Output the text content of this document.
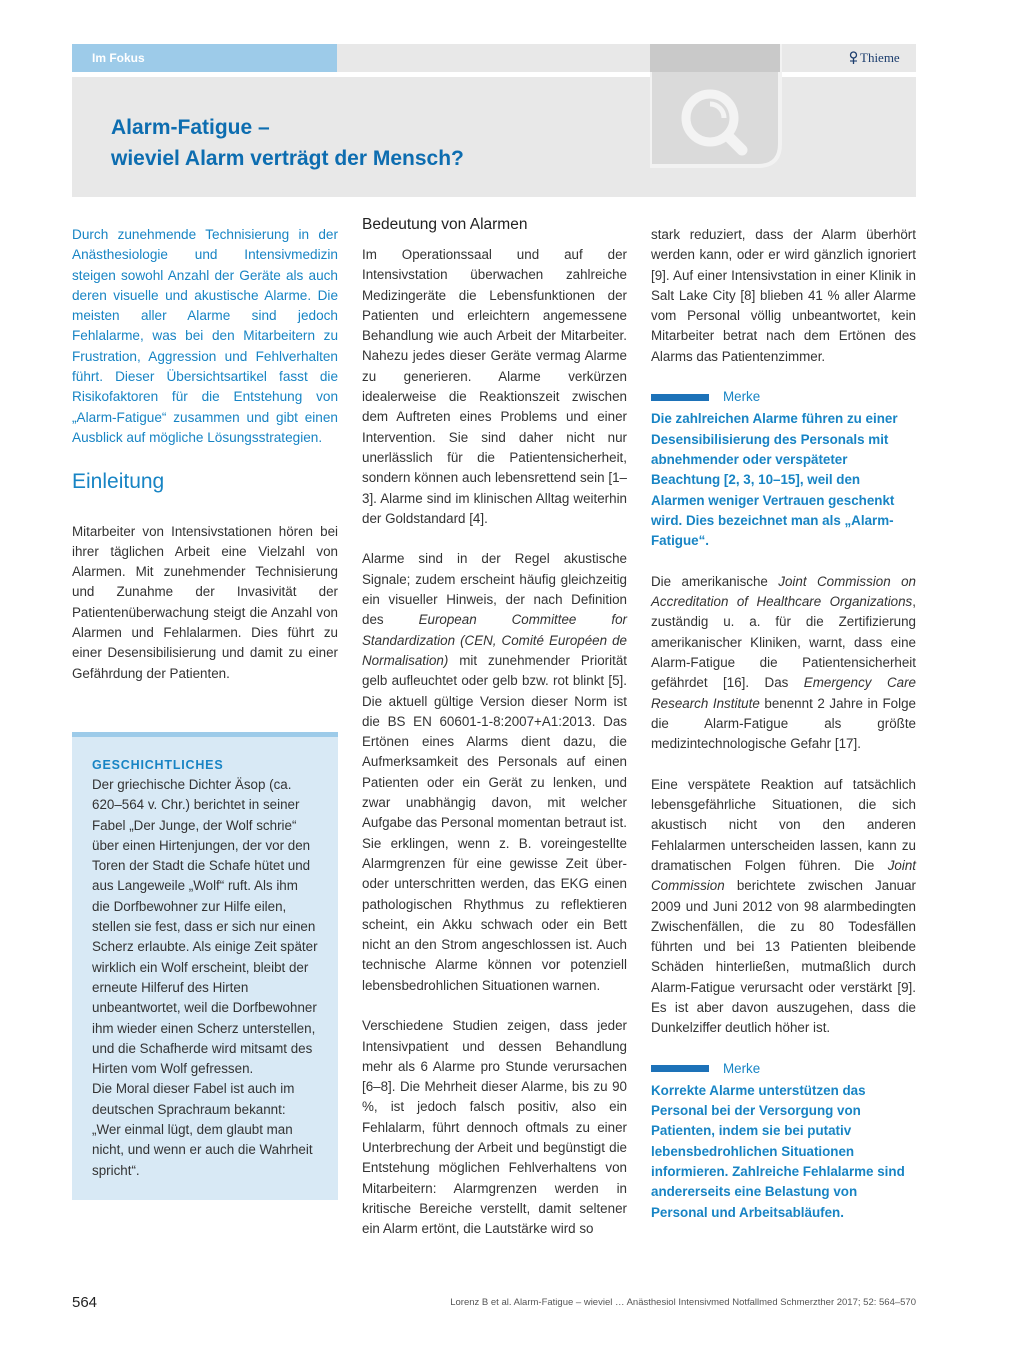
Im Fokus	Thieme
Alarm-Fatigue –
wieviel Alarm verträgt der Mensch?

Durch zunehmende Technisierung in der Anästhesiologie und Intensivmedizin steigen sowohl Anzahl der Geräte als auch deren visuelle und akustische Alarme. Die meisten aller Alarme sind jedoch Fehlalarme, was bei den Mitarbeitern zu Frustration, Aggression und Fehlverhalten führt. Dieser Übersichtsartikel fasst die Risikofaktoren für die Entstehung von „Alarm-Fatigue“ zusammen und gibt einen Ausblick auf mögliche Lösungsstrategien.

Einleitung

Mitarbeiter von Intensivstationen hören bei ihrer täglichen Arbeit eine Vielzahl von Alarmen. Mit zunehmender Technisierung und Zunahme der Invasivität der Patientenüberwachung steigt die Anzahl von Alarmen und Fehlalarmen. Dies führt zu einer Desensibilisierung und damit zu einer Gefährdung der Patienten.

GESCHICHTLICHES

Der griechische Dichter Äsop (ca. 620–564 v. Chr.) berichtet in seiner Fabel „Der Junge, der Wolf schrie“ über einen Hirtenjungen, der vor den Toren der Stadt die Schafe hütet und aus Langeweile „Wolf“ ruft. Als ihm die Dorfbewohner zur Hilfe eilen, stellen sie fest, dass er sich nur einen Scherz erlaubte. Als einige Zeit später wirklich ein Wolf erscheint, bleibt der erneute Hilferuf des Hirten unbeantwortet, weil die Dorfbewohner ihm wieder einen Scherz unterstellen, und die Schafherde wird mitsamt des Hirten vom Wolf gefressen.

Die Moral dieser Fabel ist auch im deutschen Sprachraum bekannt: „Wer einmal lügt, dem glaubt man nicht, und wenn er auch die Wahrheit spricht“.

Bedeutung von Alarmen

Im Operationssaal und auf der Intensivstation überwachen zahlreiche Medizingeräte die Lebensfunktionen der Patienten und erleichtern angemessene Behandlung wie auch Arbeit der Mitarbeiter. Nahezu jedes dieser Geräte vermag Alarme zu generieren. Alarme verkürzen idealerweise die Reaktionszeit zwischen dem Auftreten eines Problems und einer Intervention. Sie sind daher nicht nur unerlässlich für die Patientensicherheit, sondern können auch lebensrettend sein [1–3]. Alarme sind im klinischen Alltag weiterhin der Goldstandard [4].

Alarme sind in der Regel akustische Signale; zudem erscheint häufig gleichzeitig ein visueller Hinweis, der nach Definition des European Committee for Standardization (CEN, Comité Européen de Normalisation) mit zunehmender Priorität gelb aufleuchtet oder gelb bzw. rot blinkt [5]. Die aktuell gültige Version dieser Norm ist die BS EN 60601-1-8:2007+A1:2013. Das Ertönen eines Alarms dient dazu, die Aufmerksamkeit des Personals auf einen Patienten oder ein Gerät zu lenken, und zwar unabhängig davon, mit welcher Aufgabe das Personal momentan betraut ist. Sie erklingen, wenn z. B. voreingestellte Alarmgrenzen für eine gewisse Zeit über- oder unterschritten werden, das EKG einen pathologischen Rhythmus zu reflektieren scheint, ein Akku schwach oder ein Bett nicht an den Strom angeschlossen ist. Auch technische Alarme können vor potenziell lebensbedrohlichen Situationen warnen.

Verschiedene Studien zeigen, dass jeder Intensivpatient und dessen Behandlung mehr als 6 Alarme pro Stunde verursachen [6–8]. Die Mehrheit dieser Alarme, bis zu 90 %, ist jedoch falsch positiv, also ein Fehlalarm, führt dennoch oftmals zu einer Unterbrechung der Arbeit und begünstigt die Entstehung möglichen Fehlverhaltens von Mitarbeitern: Alarmgrenzen werden in kritische Bereiche verstellt, damit seltener ein Alarm ertönt, die Lautstärke wird so

stark reduziert, dass der Alarm überhört werden kann, oder er wird gänzlich ignoriert [9]. Auf einer Intensivstation in einer Klinik in Salt Lake City [8] blieben 41 % aller Alarme vom Personal völlig unbeantwortet, kein Mitarbeiter betrat nach dem Ertönen des Alarms das Patientenzimmer.

Merke

Die zahlreichen Alarme führen zu einer Desensibilisierung des Personals mit abnehmender oder verspäteter Beachtung [2, 3, 10–15], weil den Alarmen weniger Vertrauen geschenkt wird. Dies bezeichnet man als „Alarm-Fatigue“.

Die amerikanische Joint Commission on Accreditation of Healthcare Organizations, zuständig u. a. für die Zertifizierung amerikanischer Kliniken, warnt, dass eine Alarm-Fatigue die Patientensicherheit gefährdet [16]. Das Emergency Care Research Institute benennt 2 Jahre in Folge die Alarm-Fatigue als größte medizintechnologische Gefahr [17].

Eine verspätete Reaktion auf tatsächlich lebensgefährliche Situationen, die sich akustisch nicht von den anderen Fehlalarmen unterscheiden lassen, kann zu dramatischen Folgen führen. Die Joint Commission berichtete zwischen Januar 2009 und Juni 2012 von 98 alarmbedingten Zwischenfällen, die zu 80 Todesfällen führten und bei 13 Patienten bleibende Schäden hinterließen, mutmaßlich durch Alarm-Fatigue verursacht oder verstärkt [9]. Es ist aber davon auszugehen, dass die Dunkelziffer deutlich höher ist.

Merke

Korrekte Alarme unterstützen das Personal bei der Versorgung von Patienten, indem sie bei putativ lebensbedrohlichen Situationen informieren. Zahlreiche Fehlalarme sind andererseits eine Belastung von Personal und Arbeitsabläufen.

564	Lorenz B et al. Alarm-Fatigue – wieviel … Anästhesiol Intensivmed Notfallmed Schmerzther 2017; 52: 564–570
